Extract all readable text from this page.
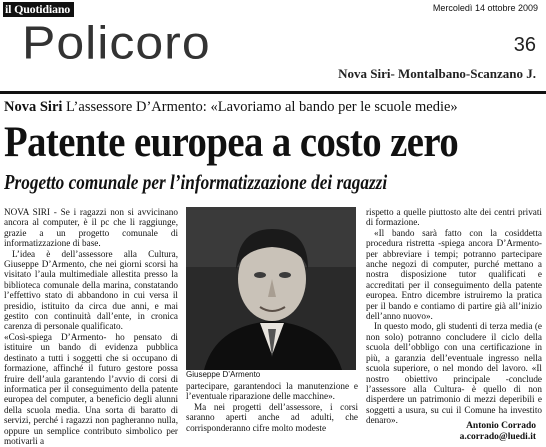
il Quotidiano	Mercoledì 14 ottobre 2009
Policoro	36
Nova Siri- Montalbano-Scanzano J.
Nova Siri L’assessore D’Armento: «Lavoriamo al bando per le scuole medie»
Patente europea a costo zero
Progetto comunale per l’informatizzazione dei ragazzi

NOVA SIRI - Se i ragazzi non si avvicinano ancora al computer, è il pc che li raggiunge, grazie a un progetto comunale di informatizzazione di base.

L’idea è dell’assessore alla Cultura, Giuseppe D’Armento, che nei giorni scorsi ha visitato l’aula multimediale allestita presso la biblioteca comunale della marina, constatando l’effettivo stato di abbandono in cui versa il presidio, istituito da circa due anni, e mai gestito con continuità dall’ente, in cronica carenza di personale qualificato.

«Così-spiega D’Armento- ho pensato di istituire un bando di evidenza pubblica destinato a tutti i soggetti che si occupano di formazione, affinché il futuro gestore possa fruire dell’aula garantendo l’avvio di corsi di informatica per il conseguimento della patente europea del computer, a beneficio degli alunni della scuola media. Una sorta di baratto di servizi, perché i ragazzi non pagheranno nulla, oppure un semplice contributo simbolico per motivarli a

Giuseppe D’Armento

partecipare, garantendoci la manutenzione e l’eventuale riparazione delle macchine».

Ma nei progetti dell’assessore, i corsi saranno aperti anche ad adulti, che corrisponderanno cifre molto modeste

rispetto a quelle piuttosto alte dei centri privati di formazione.

«Il bando sarà fatto con la cosiddetta procedura ristretta -spiega ancora D’Armento- per abbreviare i tempi; potranno partecipare anche negozi di computer, purché mettano a nostra disposizione tutor qualificati e accreditati per il conseguimento della patente europea. Entro dicembre istruiremo la pratica per il bando e contiamo di partire già all’inizio dell’anno nuovo».

In questo modo, gli studenti di terza media (e non solo) potranno concludere il ciclo della scuola dell’obbligo con una certificazione in più, a garanzia dell’eventuale ingresso nella scuola superiore, o nel mondo del lavoro. «Il nostro obiettivo principale -conclude l’assessore alla Cultura- è quello di non disperdere un patrimonio di mezzi deperibili e soggetti a usura, su cui il Comune ha investito denaro».

Antonio Corrado
a.corrado@luedi.it
